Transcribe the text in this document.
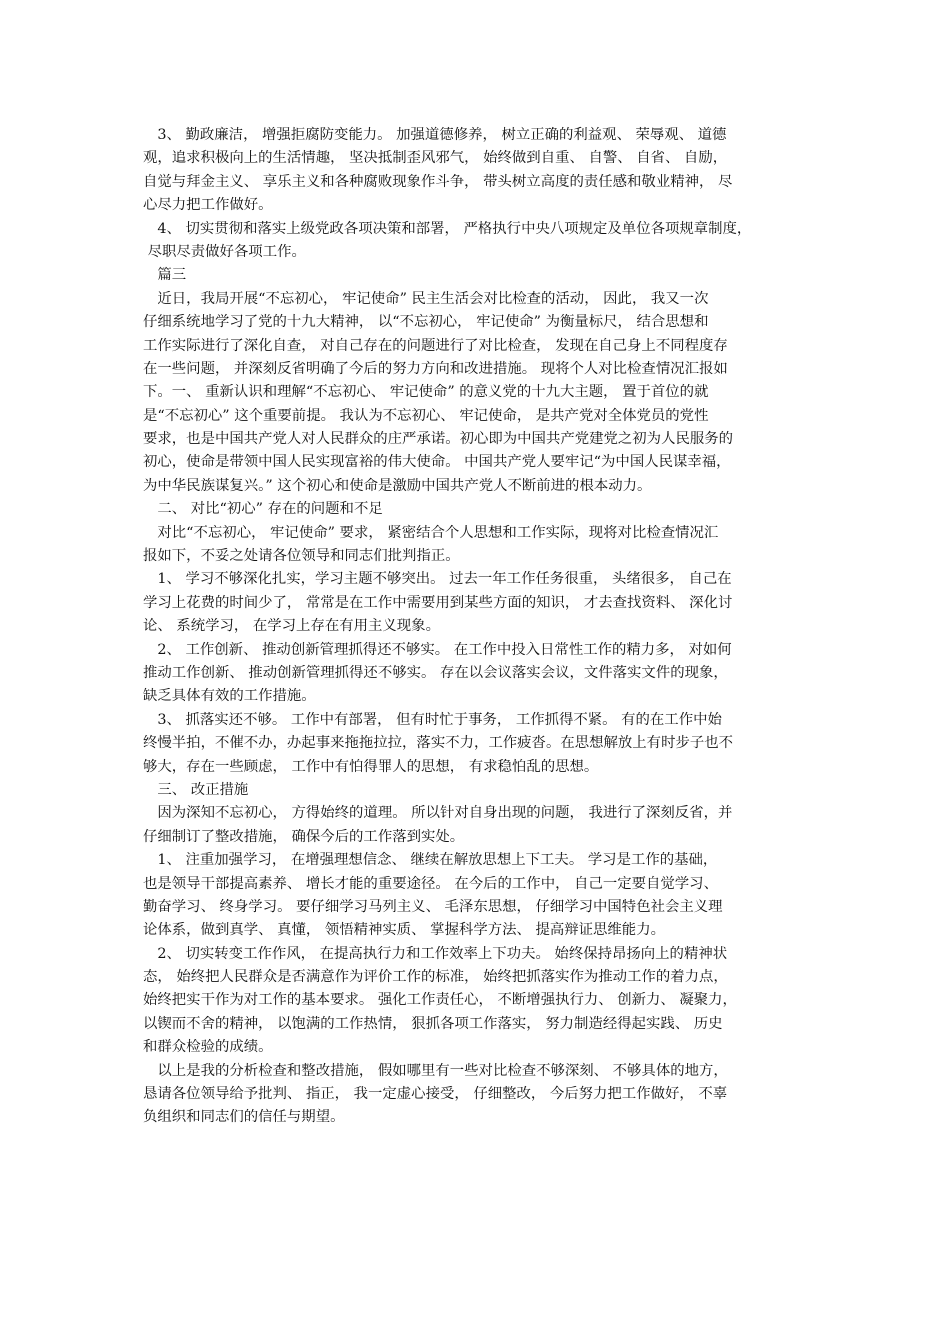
　3、 勤政廉洁， 增强拒腐防变能力。 加强道德修养， 树立正确的利益观、 荣辱观、 道德
观，追求积极向上的生活情趣， 坚决抵制歪风邪气， 始终做到自重、 自警、 自省、 自励，
自觉与拜金主义、 享乐主义和各种腐败现象作斗争， 带头树立高度的责任感和敬业精神， 尽
心尽力把工作做好。
　4、 切实贯彻和落实上级党政各项决策和部署， 严格执行中央八项规定及单位各项规章制度，
尽职尽责做好各项工作。
　篇三
　近日，我局开展“不忘初心， 牢记使命” 民主生活会对比检查的活动， 因此， 我又一次
仔细系统地学习了党的十九大精神， 以“不忘初心， 牢记使命” 为衡量标尺， 结合思想和
工作实际进行了深化自查， 对自己存在的问题进行了对比检查， 发现在自己身上不同程度存
在一些问题， 并深刻反省明确了今后的努力方向和改进措施。 现将个人对比检查情况汇报如
下。一、 重新认识和理解“不忘初心、 牢记使命” 的意义党的十九大主题， 置于首位的就
是“不忘初心” 这个重要前提。 我认为不忘初心、 牢记使命， 是共产党对全体党员的党性
要求，也是中国共产党人对人民群众的庄严承诺。初心即为中国共产党建党之初为人民服务的
初心，使命是带领中国人民实现富裕的伟大使命。 中国共产党人要牢记“为中国人民谋幸福，
为中华民族谋复兴。” 这个初心和使命是激励中国共产党人不断前进的根本动力。
　二、 对比“初心” 存在的问题和不足
　对比“不忘初心， 牢记使命” 要求， 紧密结合个人思想和工作实际，现将对比检查情况汇
报如下，不妥之处请各位领导和同志们批判指正。
　1、 学习不够深化扎实，学习主题不够突出。 过去一年工作任务很重， 头绪很多， 自己在
学习上花费的时间少了， 常常是在工作中需要用到某些方面的知识， 才去查找资料、 深化讨
论、 系统学习， 在学习上存在有用主义现象。
　2、 工作创新、 推动创新管理抓得还不够实。 在工作中投入日常性工作的精力多， 对如何
推动工作创新、 推动创新管理抓得还不够实。 存在以会议落实会议，文件落实文件的现象，
缺乏具体有效的工作措施。
　3、 抓落实还不够。 工作中有部署， 但有时忙于事务， 工作抓得不紧。 有的在工作中始
终慢半拍，不催不办，办起事来拖拖拉拉，落实不力，工作疲沓。在思想解放上有时步子也不
够大，存在一些顾虑， 工作中有怕得罪人的思想， 有求稳怕乱的思想。
　三、 改正措施
　因为深知不忘初心， 方得始终的道理。 所以针对自身出现的问题， 我进行了深刻反省，并
仔细制订了整改措施， 确保今后的工作落到实处。
　1、 注重加强学习， 在增强理想信念、 继续在解放思想上下工夫。 学习是工作的基础，
也是领导干部提高素养、 增长才能的重要途径。 在今后的工作中， 自己一定要自觉学习、
勤奋学习、 终身学习。 要仔细学习马列主义、 毛泽东思想， 仔细学习中国特色社会主义理
论体系，做到真学、 真懂， 领悟精神实质、 掌握科学方法、 提高辩证思维能力。
　2、 切实转变工作作风， 在提高执行力和工作效率上下功夫。 始终保持昂扬向上的精神状
态， 始终把人民群众是否满意作为评价工作的标准， 始终把抓落实作为推动工作的着力点，
始终把实干作为对工作的基本要求。 强化工作责任心， 不断增强执行力、 创新力、 凝聚力，
以锲而不舍的精神， 以饱满的工作热情， 狠抓各项工作落实， 努力制造经得起实践、 历史
和群众检验的成绩。
　以上是我的分析检查和整改措施， 假如哪里有一些对比检查不够深刻、 不够具体的地方，
恳请各位领导给予批判、 指正， 我一定虚心接受， 仔细整改， 今后努力把工作做好， 不辜
负组织和同志们的信任与期望。
